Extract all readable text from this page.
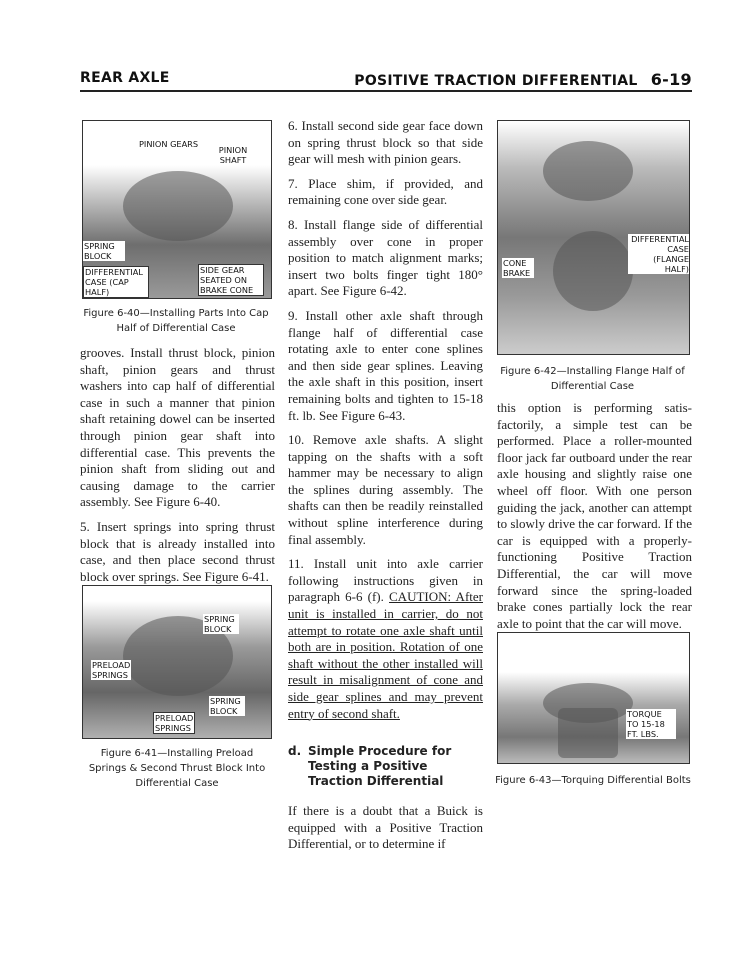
REAR AXLE	POSITIVE TRACTION DIFFERENTIAL 6-19
PINION GEARS
PINION SHAFT
SPRING BLOCK
DIFFERENTIAL CASE (CAP HALF)
SIDE GEAR SEATED ON BRAKE CONE
Figure 6-40—Installing Parts Into Cap Half of Differential Case

grooves. Install thrust block, pinion shaft, pinion gears and thrust washers into cap half of differential case in such a manner that pinion shaft retaining dowel can be inserted through pinion gear shaft into differential case. This prevents the pinion shaft from sliding out and causing damage to the carrier assembly. See Figure 6-40.

5. Insert springs into spring thrust block that is already installed into case, and then place second thrust block over springs. See Figure 6-41.

SPRING BLOCK
PRELOAD SPRINGS
SPRING BLOCK
PRELOAD SPRINGS
Figure 6-41—Installing Preload Springs & Second Thrust Block Into Differential Case

6. Install second side gear face down on spring thrust block so that side gear will mesh with pinion gears.

7. Place shim, if provided, and remaining cone over side gear.

8. Install flange side of differential assembly over cone in proper position to match alignment marks; insert two bolts finger tight 180° apart. See Figure 6-42.

9. Install other axle shaft through flange half of differential case rotating axle to enter cone splines and then side gear splines. Leaving the axle shaft in this position, insert remaining bolts and tighten to 15-18 ft. lb. See Figure 6-43.

10. Remove axle shafts. A slight tapping on the shafts with a soft hammer may be necessary to align the splines during assembly. The shafts can then be readily reinstalled without spline interference during final assembly.

11. Install unit into axle carrier following instructions given in paragraph 6-6 (f). CAUTION: After unit is installed in carrier, do not attempt to rotate one axle shaft until both are in position. Rotation of one shaft without the other installed will result in misalignment of cone and side gear splines and may prevent entry of second shaft.

d. Simple Procedure for Testing a Positive Traction Differential

If there is a doubt that a Buick is equipped with a Positive Traction Differential, or to determine if

DIFFERENTIAL CASE (FLANGE HALF)
CONE BRAKE
Figure 6-42—Installing Flange Half of Differential Case

this option is performing satisfactorily, a simple test can be performed. Place a roller-mounted floor jack far outboard under the rear axle housing and slightly raise one wheel off floor. With one person guiding the jack, another can attempt to slowly drive the car forward. If the car is equipped with a properly-functioning Positive Traction Differential, the car will move forward since the spring-loaded brake cones partially lock the rear axle to point that the car will move.

TORQUE TO 15-18 FT. LBS.
Figure 6-43—Torquing Differential Bolts
